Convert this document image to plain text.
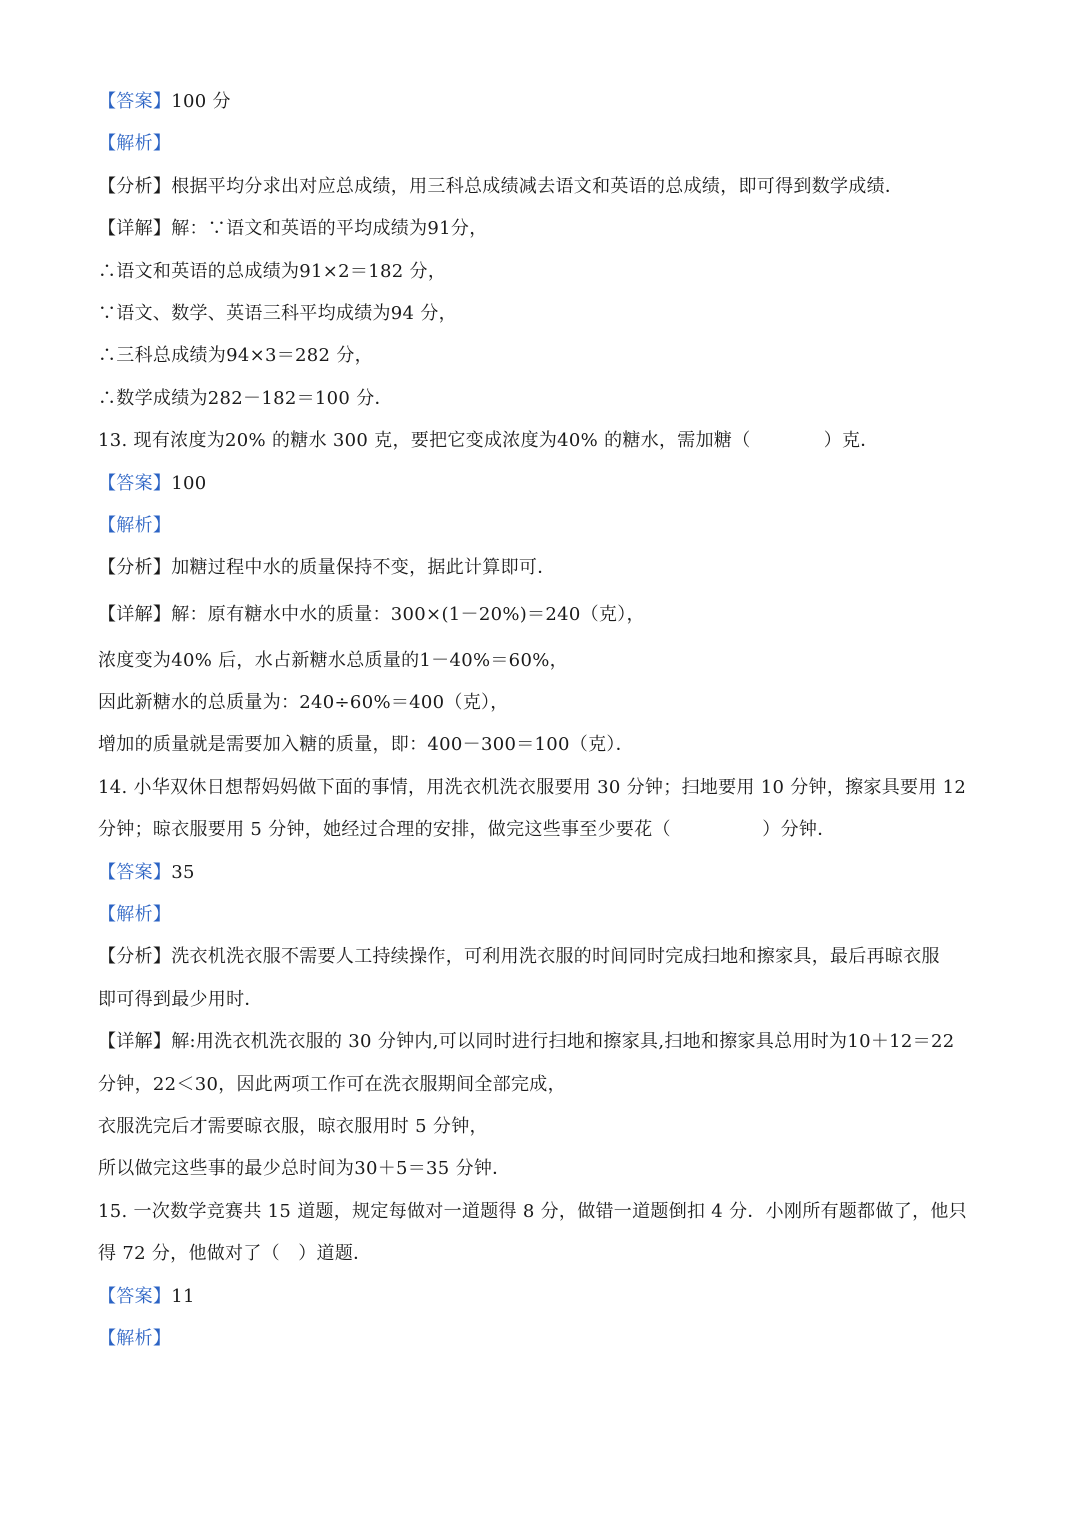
【答案】100 分
【解析】
【分析】根据平均分求出对应总成绩，用三科总成绩减去语文和英语的总成绩，即可得到数学成绩．
【详解】解：∵语文和英语的平均成绩为91分，
∴语文和英语的总成绩为91×2＝182 分，
∵语文、数学、英语三科平均成绩为94 分，
∴三科总成绩为94×3＝282 分，
∴数学成绩为282－182＝100 分．
13. 现有浓度为20% 的糖水 300 克，要把它变成浓度为40% 的糖水，需加糖（　　　　）克．
【答案】100
【解析】
【分析】加糖过程中水的质量保持不变，据此计算即可．
【详解】解：原有糖水中水的质量：300×(1－20%)＝240（克），
浓度变为40% 后，水占新糖水总质量的1－40%＝60%，
因此新糖水的总质量为：240÷60%＝400（克），
增加的质量就是需要加入糖的质量，即：400－300＝100（克）．
14. 小华双休日想帮妈妈做下面的事情，用洗衣机洗衣服要用 30 分钟；扫地要用 10 分钟，擦家具要用 12
分钟；晾衣服要用 5 分钟，她经过合理的安排，做完这些事至少要花（　　　　　）分钟．
【答案】35
【解析】
【分析】洗衣机洗衣服不需要人工持续操作，可利用洗衣服的时间同时完成扫地和擦家具，最后再晾衣服
即可得到最少用时．
【详解】解:用洗衣机洗衣服的 30 分钟内,可以同时进行扫地和擦家具,扫地和擦家具总用时为10＋12＝22
分钟，22＜30，因此两项工作可在洗衣服期间全部完成，
衣服洗完后才需要晾衣服，晾衣服用时 5 分钟，
所以做完这些事的最少总时间为30＋5＝35 分钟．
15. 一次数学竞赛共 15 道题，规定每做对一道题得 8 分，做错一道题倒扣 4 分．小刚所有题都做了，他只
得 72 分，他做对了（　）道题．
【答案】11
【解析】
